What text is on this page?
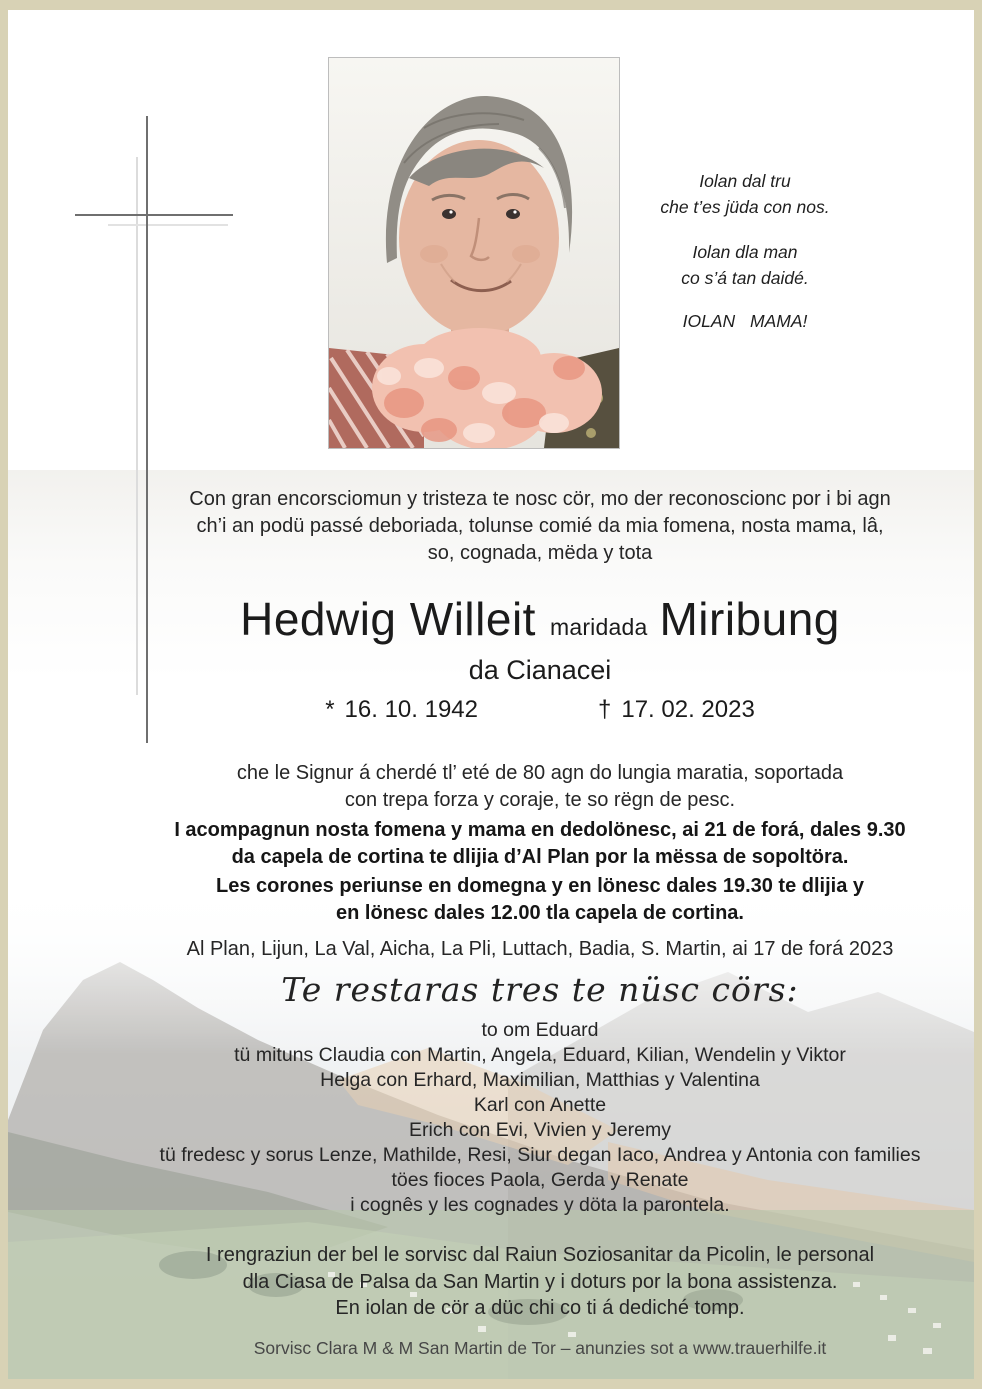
Iolan dal tru
che t’es jüda con nos.
Iolan dla man
co s’á tan daidé.
IOLAN MAMA!
Con gran encorsciomun y tristeza te nosc cör, mo der reconoscionc por i bi agn
ch’i an podü passé deboriada, tolunse comié da mia fomena, nosta mama, lâ,
so, cognada, mëda y tota
Hedwig Willeit maridada Miribung
da Cianacei
* 16. 10. 1942	† 17. 02. 2023
che le Signur á cherdé tl’ eté de 80 agn do lungia maratia, soportada
con trepa forza y coraje, te so rëgn de pesc.
I acompagnun nosta fomena y mama en dedolönesc, ai 21 de forá, dales 9.30
da capela de cortina te dlijia d’Al Plan por la mëssa de sopoltöra.
Les corones periunse en domegna y en lönesc dales 19.30 te dlijia y
en lönesc dales 12.00 tla capela de cortina.
Al Plan, Lijun, La Val, Aicha, La Pli, Luttach, Badia, S. Martin, ai 17 de forá 2023
Te restaras tres te nüsc cörs:
to om Eduard
tü mituns Claudia con Martin, Angela, Eduard, Kilian, Wendelin y Viktor
Helga con Erhard, Maximilian, Matthias y Valentina
Karl con Anette
Erich con Evi, Vivien y Jeremy
tü fredesc y sorus Lenze, Mathilde, Resi, Siur degan Iaco, Andrea y Antonia con families
töes fioces Paola, Gerda y Renate
i cognês y les cognades y döta la parontela.
I rengraziun der bel le sorvisc dal Raiun Soziosanitar da Picolin, le personal
dla Ciasa de Palsa da San Martin y i doturs por la bona assistenza.
En iolan de cör a düc chi co ti á dediché tomp.
Sorvisc Clara M & M San Martin de Tor – anunzies sot a www.trauerhilfe.it
